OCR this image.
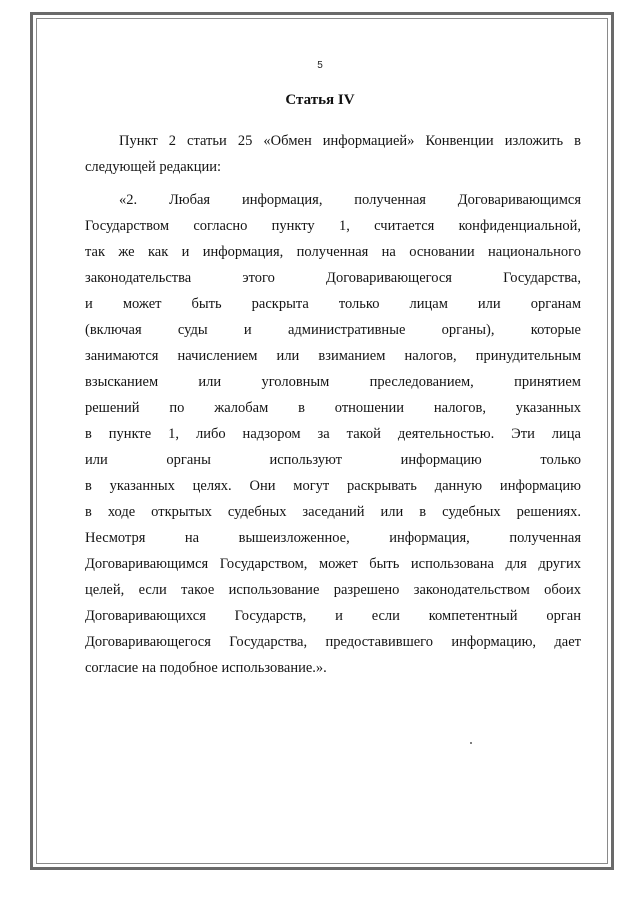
5
Статья IV
Пункт 2 статьи 25 «Обмен информацией» Конвенции изложить в
следующей редакции:
«2. Любая информация, полученная Договаривающимся
Государством согласно пункту 1, считается конфиденциальной,
так же как и информация, полученная на основании национального
законодательства этого Договаривающегося Государства,
и может быть раскрыта только лицам или органам
(включая суды и административные органы), которые
занимаются начислением или взиманием налогов, принудительным
взысканием или уголовным преследованием, принятием
решений по жалобам в отношении налогов, указанных
в пункте 1, либо надзором за такой деятельностью. Эти лица
или органы используют информацию только
в указанных целях. Они могут раскрывать данную информацию
в ходе открытых судебных заседаний или в судебных решениях.
Несмотря на вышеизложенное, информация, полученная
Договаривающимся Государством, может быть использована для других
целей, если такое использование разрешено законодательством обоих
Договаривающихся Государств, и если компетентный орган
Договаривающегося Государства, предоставившего информацию, дает
согласие на подобное использование.».
